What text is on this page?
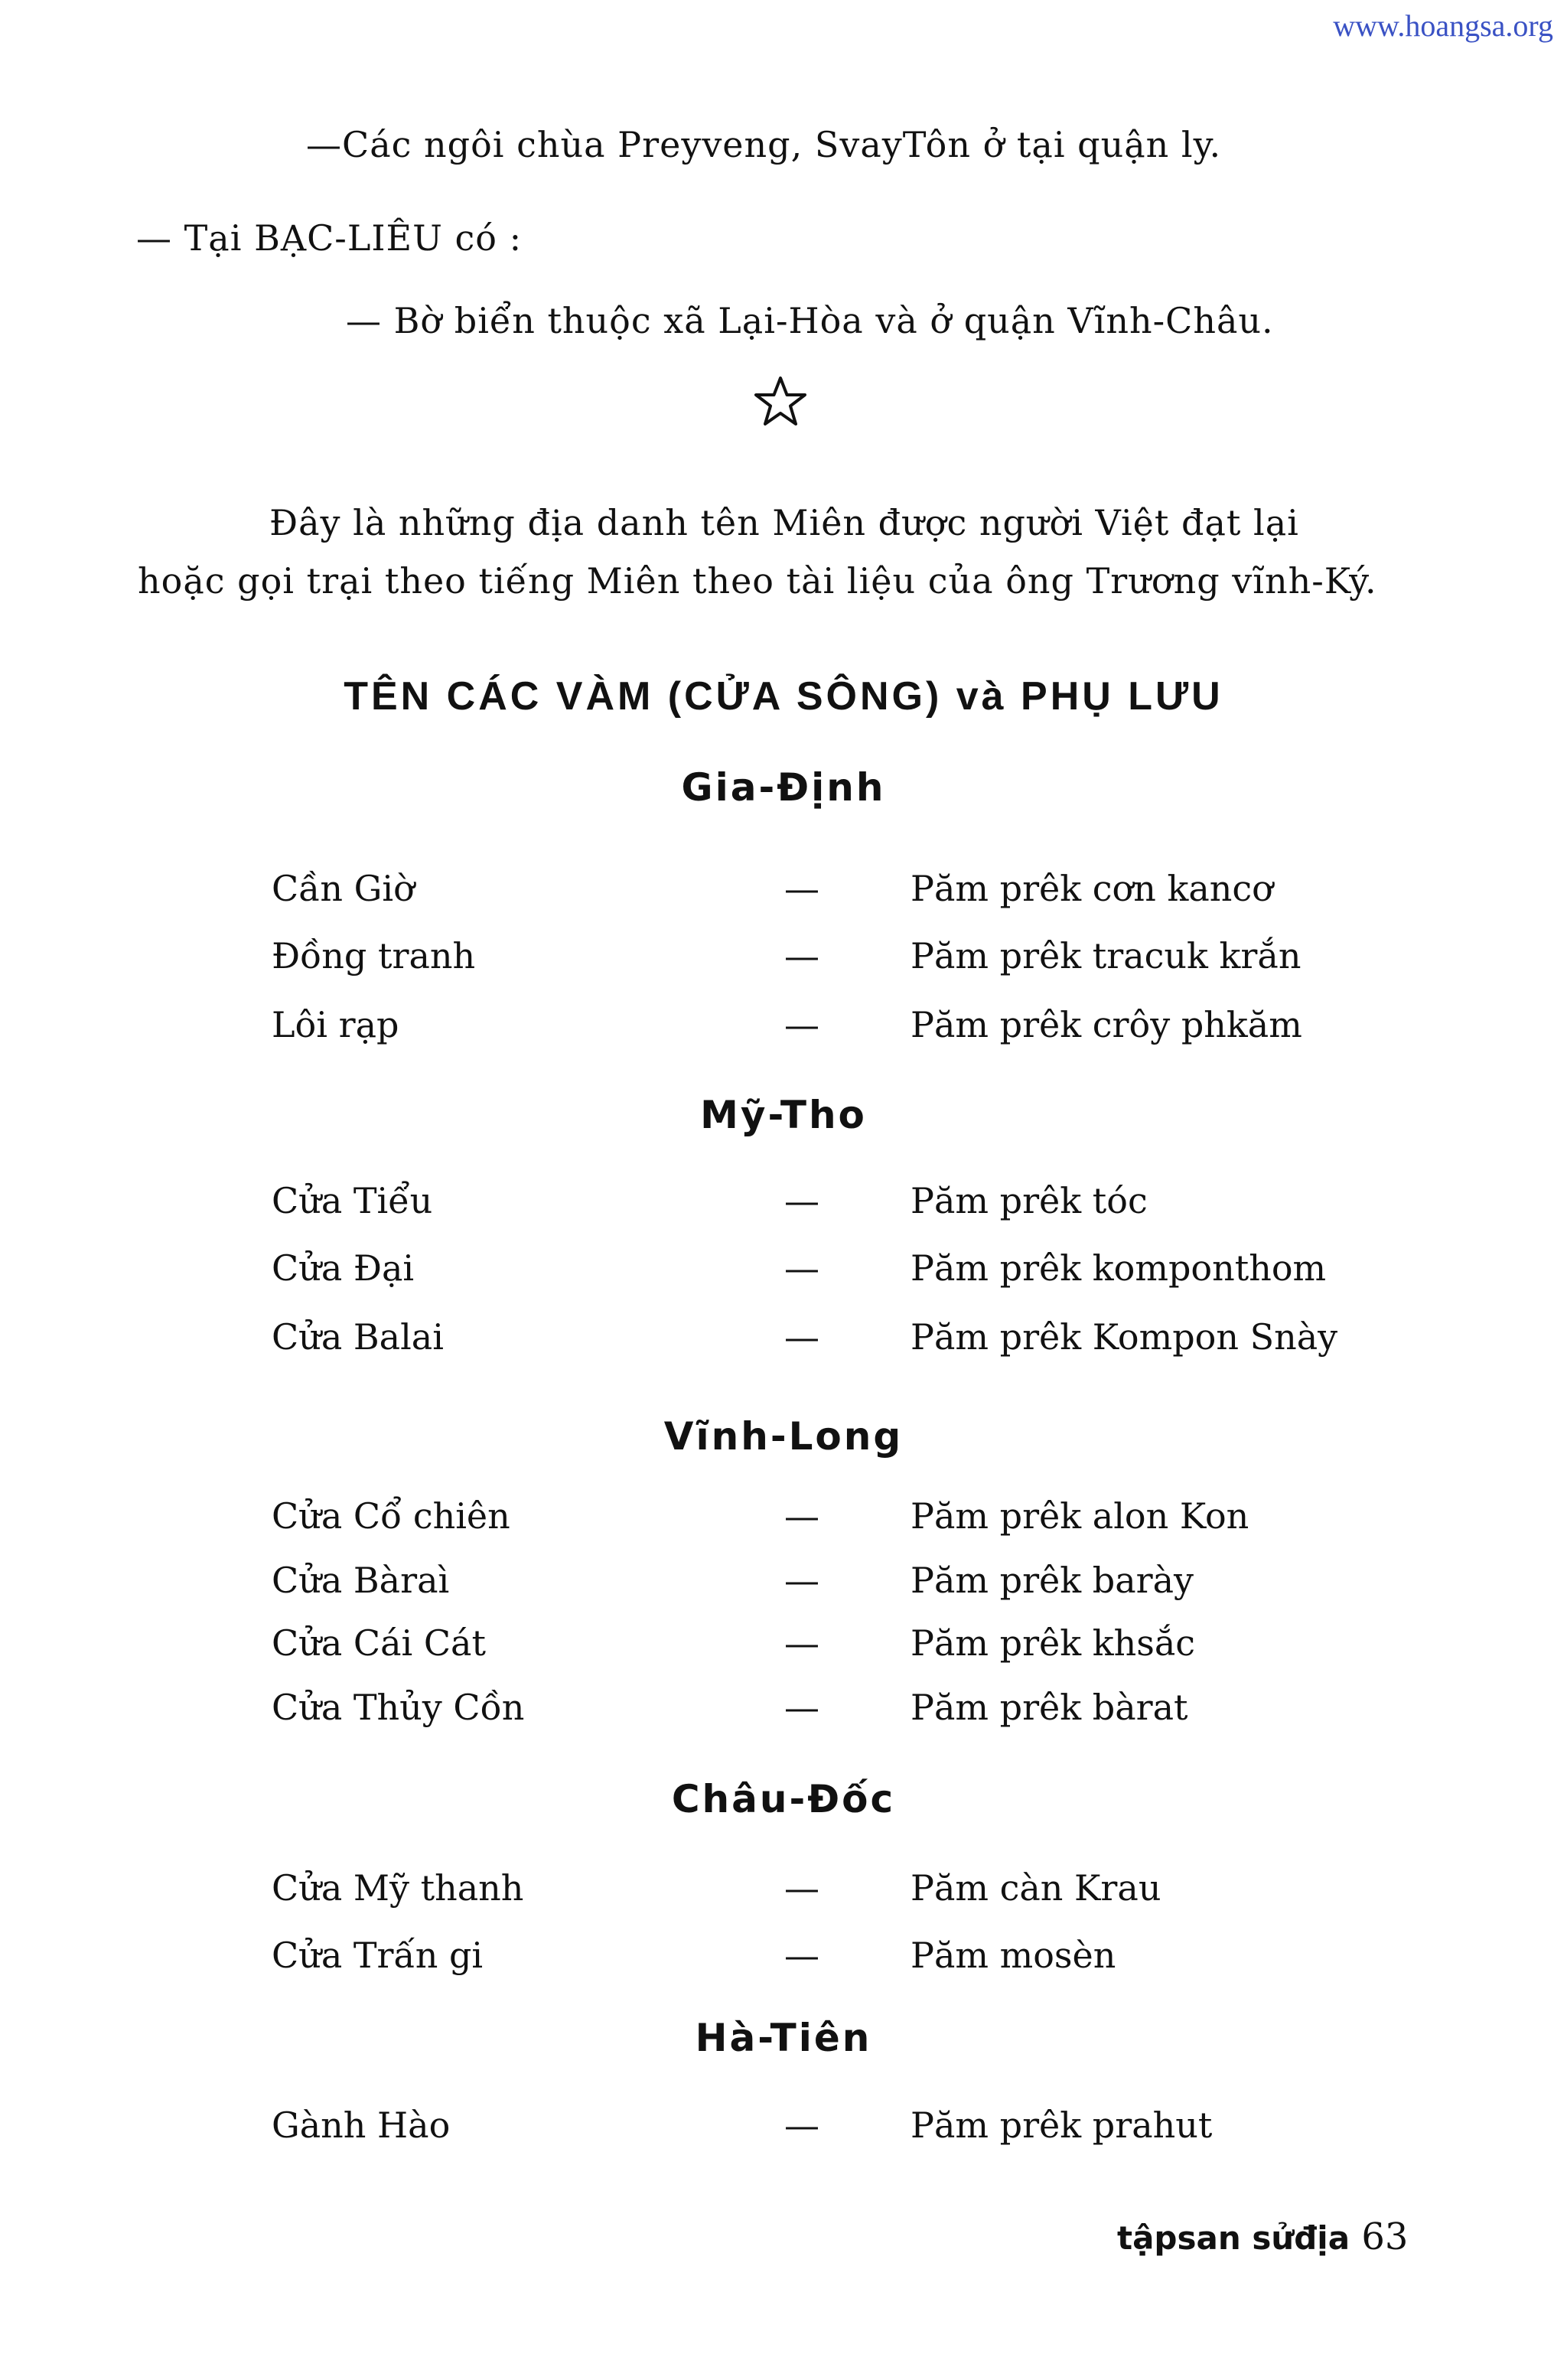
www.hoangsa.org
—Các ngôi chùa Preyveng, SvayTôn ở tại quận ly.
— Tại BẠC-LIÊU có :
— Bờ biển thuộc xã Lại-Hòa và ở quận Vĩnh-Châu.
Đây là những địa danh tên Miên được người Việt đạt lại
hoặc gọi trại theo tiếng Miên theo tài liệu của ông Trương vĩnh-Ký.
TÊN CÁC VÀM (CỬA SÔNG) và PHỤ LƯU
Gia-Định
Cần Giờ	—	Păm prêk cơn kancơ
Đồng tranh	—	Păm prêk tracuk krắn
Lôi rạp	—	Păm prêk crôy phkăm
Mỹ-Tho
Cửa Tiểu	—	Păm prêk tóc
Cửa Đại	—	Păm prêk komponthom
Cửa Balai	—	Păm prêk Kompon Snày
Vĩnh-Long
Cửa Cổ chiên	—	Păm prêk alon Kon
Cửa Bàraì	—	Păm prêk barày
Cửa Cái Cát	—	Păm prêk khsắc
Cửa Thủy Cồn	—	Păm prêk bàrat
Châu-Đốc
Cửa Mỹ thanh	—	Păm càn Krau
Cửa Trấn gi	—	Păm mosèn
Hà-Tiên
Gành Hào	—	Păm prêk prahut
tậpsan sửđịa 63
